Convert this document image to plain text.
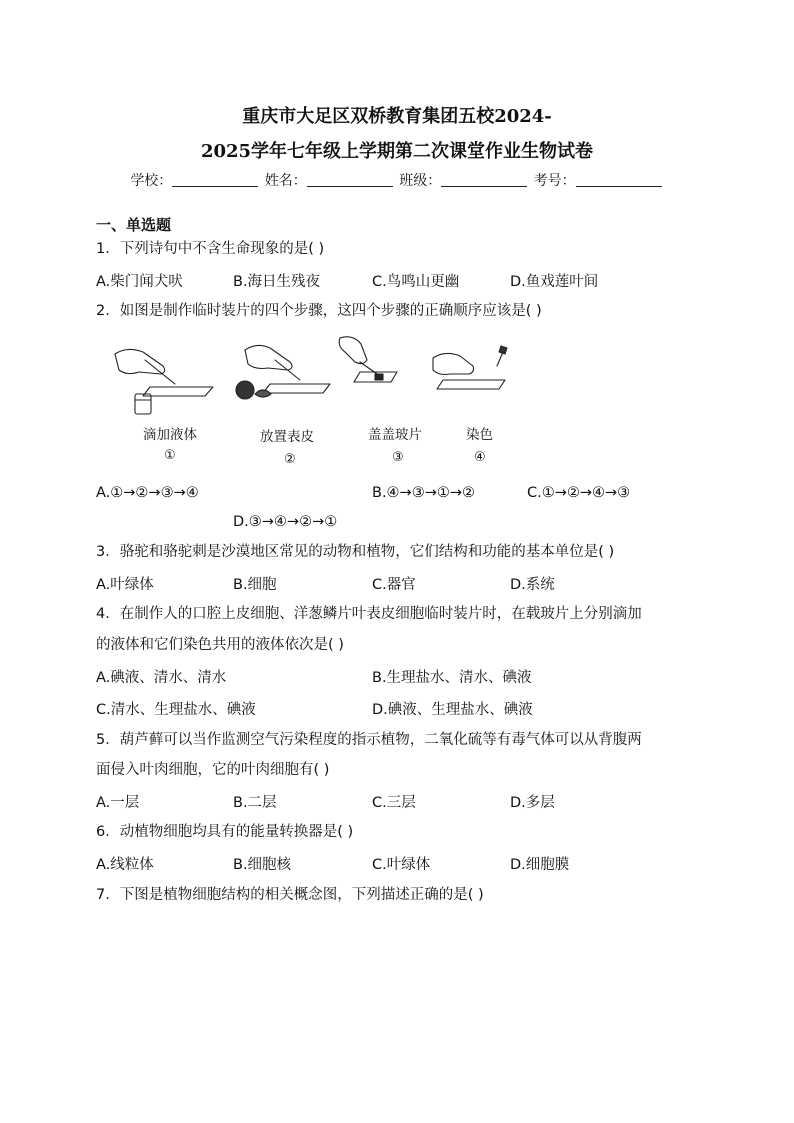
重庆市大足区双桥教育集团五校2024-
2025学年七年级上学期第二次课堂作业生物试卷
学校：	姓名：	班级：	考号：
一、单选题
1．下列诗句中不含生命现象的是( )
A.柴门闻犬吠	B.海日生残夜	C.鸟鸣山更幽	D.鱼戏莲叶间
2．如图是制作临时装片的四个步骤，这四个步骤的正确顺序应该是( )
滴加液体	放置表皮	盖盖玻片	染色
①	②	③	④
A.①→②→③→④	B.④→③→①→②	C.①→②→④→③
D.③→④→②→①
3．骆驼和骆驼刺是沙漠地区常见的动物和植物，它们结构和功能的基本单位是( )
A.叶绿体	B.细胞	C.器官	D.系统
4．在制作人的口腔上皮细胞、洋葱鳞片叶表皮细胞临时装片时，在载玻片上分别滴加
的液体和它们染色共用的液体依次是( )
A.碘液、清水、清水	B.生理盐水、清水、碘液
C.清水、生理盐水、碘液	D.碘液、生理盐水、碘液
5．葫芦藓可以当作监测空气污染程度的指示植物，二氧化硫等有毒气体可以从背腹两
面侵入叶肉细胞，它的叶肉细胞有( )
A.一层	B.二层	C.三层	D.多层
6．动植物细胞均具有的能量转换器是( )
A.线粒体	B.细胞核	C.叶绿体	D.细胞膜
7．下图是植物细胞结构的相关概念图，下列描述正确的是( )
